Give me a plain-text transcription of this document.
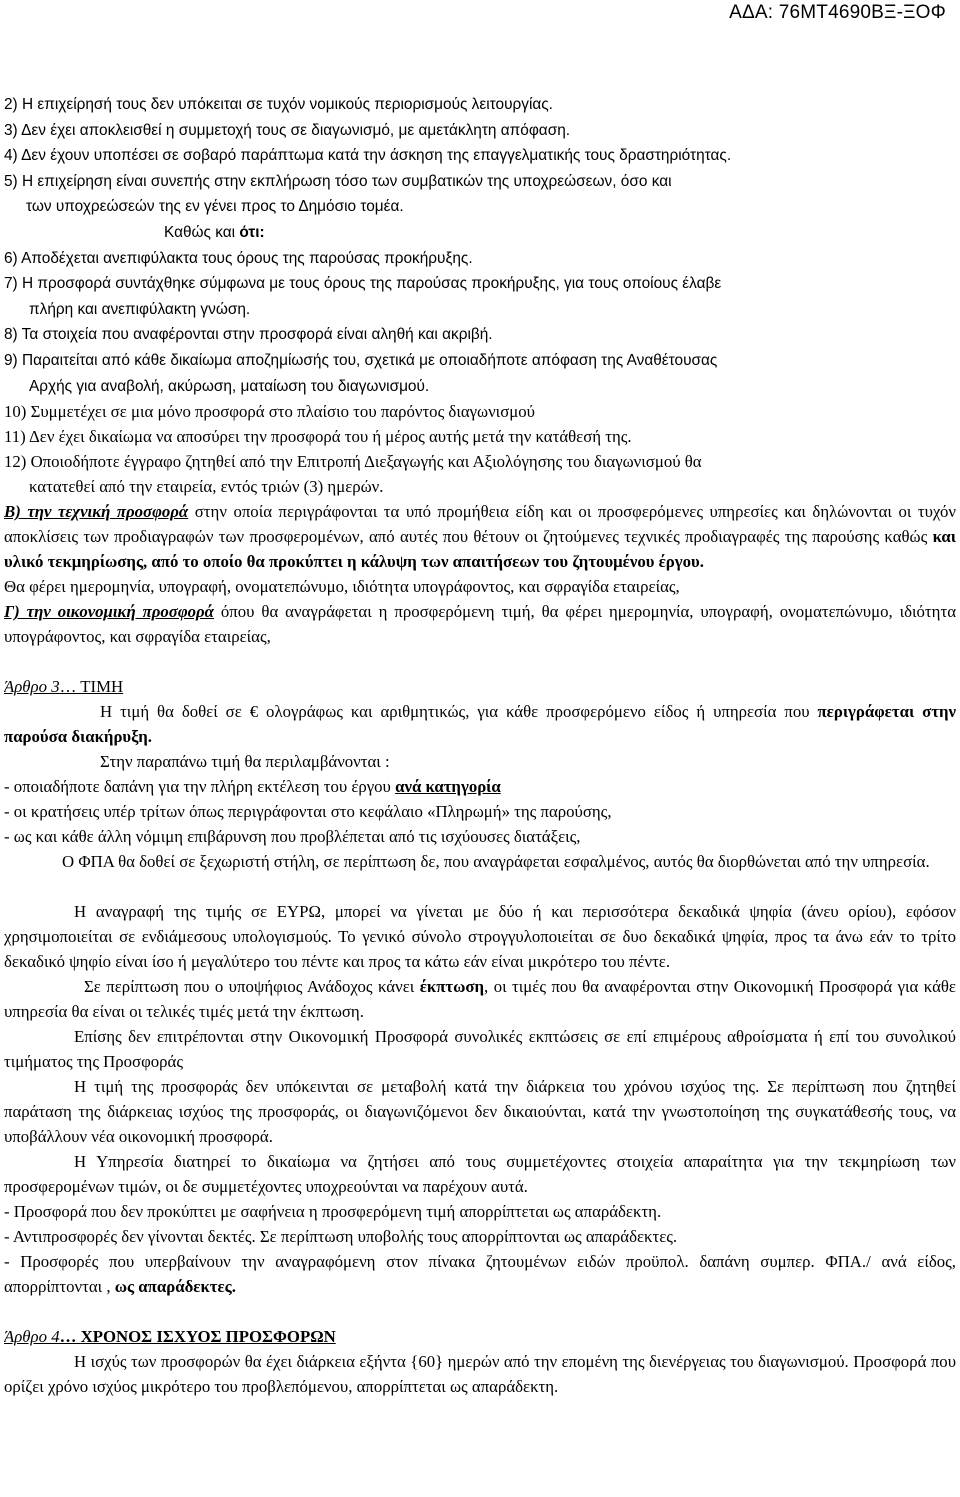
ΑΔΑ: 76ΜΤ4690ΒΞ-ΞΟΦ

2) Η επιχείρησή τους δεν υπόκειται σε τυχόν νομικούς περιορισμούς λειτουργίας.

3) Δεν έχει αποκλεισθεί η συμμετοχή τους σε διαγωνισμό, με αμετάκλητη απόφαση.

4) Δεν έχουν υποπέσει σε σοβαρό παράπτωμα κατά την άσκηση της επαγγελματικής τους δραστηριότητας.

5) Η επιχείρηση είναι συνεπής στην εκπλήρωση τόσο των συμβατικών της υποχρεώσεων, όσο και

των υποχρεώσεών της εν γένει προς το Δημόσιο τομέα.

Καθώς και ότι:

6) Αποδέχεται ανεπιφύλακτα τους όρους της παρούσας προκήρυξης.

7) Η προσφορά συντάχθηκε σύμφωνα με τους όρους της παρούσας προκήρυξης, για τους οποίους έλαβε

πλήρη και ανεπιφύλακτη γνώση.

8) Τα στοιχεία που αναφέρονται στην προσφορά είναι αληθή και ακριβή.

9) Παραιτείται από κάθε δικαίωμα αποζημίωσής του, σχετικά με οποιαδήποτε απόφαση της Αναθέτουσας

Αρχής για αναβολή, ακύρωση, ματαίωση του διαγωνισμού.

10) Συμμετέχει σε μια μόνο προσφορά στο πλαίσιο του παρόντος διαγωνισμού

11) Δεν έχει δικαίωμα να αποσύρει την προσφορά του ή μέρος αυτής μετά την κατάθεσή της.

12) Οποιοδήποτε έγγραφο ζητηθεί από την Επιτροπή Διεξαγωγής και Αξιολόγησης του διαγωνισμού θα

κατατεθεί από την εταιρεία, εντός τριών (3) ημερών.

Β) την τεχνική προσφορά στην οποία περιγράφονται τα υπό προμήθεια είδη και οι προσφερόμενες υπηρεσίες και δηλώνονται οι τυχόν αποκλίσεις των προδιαγραφών των προσφερομένων, από αυτές που θέτουν οι ζητούμενες τεχνικές προδιαγραφές της παρούσης καθώς και υλικό τεκμηρίωσης, από το οποίο θα προκύπτει η κάλυψη των απαιτήσεων του ζητουμένου έργου.

Θα φέρει ημερομηνία, υπογραφή, ονοματεπώνυμο, ιδιότητα υπογράφοντος, και σφραγίδα εταιρείας,

Γ) την οικονομική προσφορά όπου θα αναγράφεται η προσφερόμενη τιμή, θα φέρει ημερομηνία, υπογραφή, ονοματεπώνυμο, ιδιότητα υπογράφοντος, και σφραγίδα εταιρείας,

Άρθρο 3… ΤΙΜΗ

Η τιμή θα δοθεί σε € ολογράφως και αριθμητικώς, για κάθε προσφερόμενο είδος ή υπηρεσία που περιγράφεται στην παρούσα διακήρυξη.

Στην παραπάνω τιμή θα περιλαμβάνονται :

- οποιαδήποτε δαπάνη για την πλήρη εκτέλεση του έργου ανά κατηγορία

- οι κρατήσεις υπέρ τρίτων όπως περιγράφονται στο κεφάλαιο «Πληρωμή» της παρούσης,

- ως και κάθε άλλη νόμιμη επιβάρυνση που προβλέπεται από τις ισχύουσες διατάξεις,

Ο ΦΠΑ θα δοθεί σε ξεχωριστή στήλη, σε περίπτωση δε, που αναγράφεται εσφαλμένος, αυτός θα διορθώνεται από την υπηρεσία.

Η αναγραφή της τιμής σε ΕΥΡΩ, μπορεί να γίνεται με δύο ή και περισσότερα δεκαδικά ψηφία (άνευ ορίου), εφόσον χρησιμοποιείται σε ενδιάμεσους υπολογισμούς. Το γενικό σύνολο στρογγυλοποιείται σε δυο δεκαδικά ψηφία, προς τα άνω εάν το τρίτο δεκαδικό ψηφίο είναι ίσο ή μεγαλύτερο του πέντε και προς τα κάτω εάν είναι μικρότερο του πέντε.

Σε περίπτωση που ο υποψήφιος Ανάδοχος κάνει έκπτωση, οι τιμές που θα αναφέρονται στην Οικονομική Προσφορά για κάθε υπηρεσία θα είναι οι τελικές τιμές μετά την έκπτωση.

Επίσης δεν επιτρέπονται στην Οικονομική Προσφορά συνολικές εκπτώσεις σε επί επιμέρους αθροίσματα ή επί του συνολικού τιμήματος της Προσφοράς

Η τιμή της προσφοράς δεν υπόκεινται σε μεταβολή κατά την διάρκεια του χρόνου ισχύος της. Σε περίπτωση που ζητηθεί παράταση της διάρκειας ισχύος της προσφοράς, οι διαγωνιζόμενοι δεν δικαιούνται, κατά την γνωστοποίηση της συγκατάθεσής τους, να υποβάλλουν νέα οικονομική προσφορά.

Η Υπηρεσία διατηρεί το δικαίωμα να ζητήσει από τους συμμετέχοντες στοιχεία απαραίτητα για την τεκμηρίωση των προσφερομένων τιμών, οι δε συμμετέχοντες υποχρεούνται να παρέχουν αυτά.

- Προσφορά που δεν προκύπτει με σαφήνεια η προσφερόμενη τιμή απορρίπτεται ως απαράδεκτη.

- Αντιπροσφορές δεν γίνονται δεκτές. Σε περίπτωση υποβολής τους απορρίπτονται ως απαράδεκτες.

- Προσφορές που υπερβαίνουν την αναγραφόμενη στον πίνακα ζητουμένων ειδών προϋπολ. δαπάνη συμπερ. ΦΠΑ./ ανά είδος, απορρίπτονται , ως απαράδεκτες.

Άρθρο 4… ΧΡΟΝΟΣ ΙΣΧΥΟΣ ΠΡΟΣΦΟΡΩΝ

Η ισχύς των προσφορών θα έχει διάρκεια εξήντα {60} ημερών από την επομένη της διενέργειας του διαγωνισμού. Προσφορά που ορίζει χρόνο ισχύος μικρότερο του προβλεπόμενου, απορρίπτεται ως απαράδεκτη.
